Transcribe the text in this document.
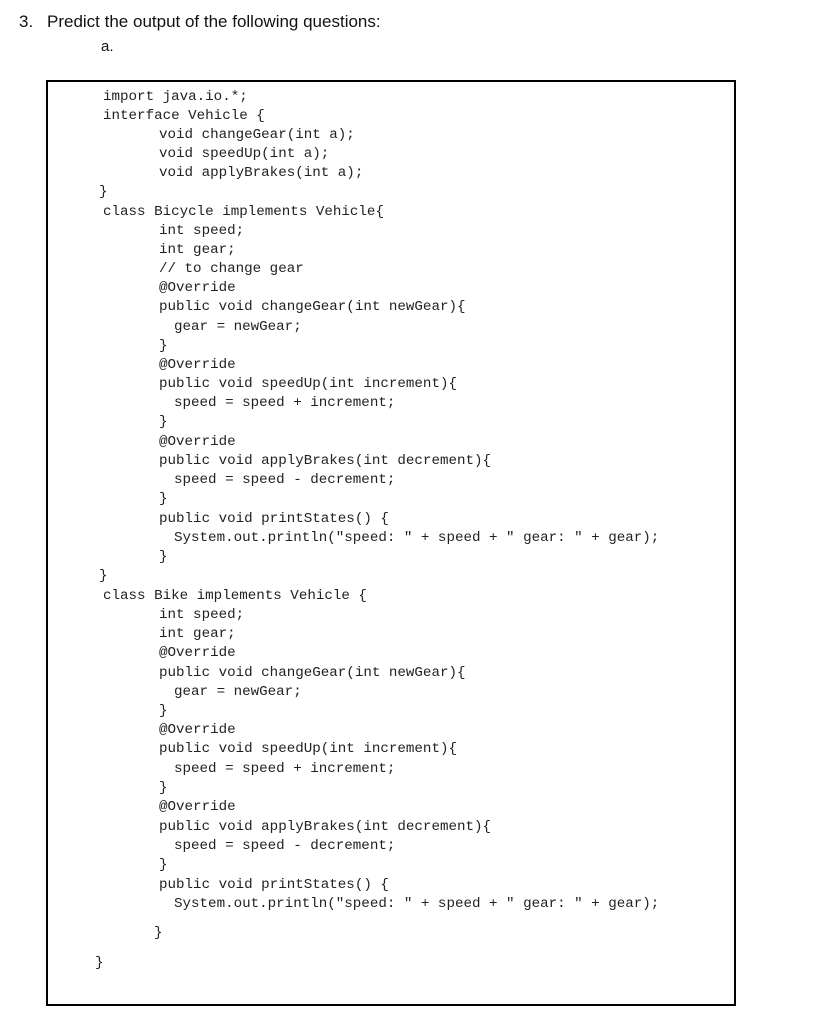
3. Predict the output of the following questions:
a.
import java.io.*;
interface Vehicle {
void changeGear(int a);
void speedUp(int a);
void applyBrakes(int a);
}
class Bicycle implements Vehicle{
int speed;
int gear;
// to change gear
@Override
public void changeGear(int newGear){
gear = newGear;
}
@Override
public void speedUp(int increment){
speed = speed + increment;
}
@Override
public void applyBrakes(int decrement){
speed = speed - decrement;
}
public void printStates() {
System.out.println("speed: " + speed + " gear: " + gear);
}
}
class Bike implements Vehicle {
int speed;
int gear;
@Override
public void changeGear(int newGear){
gear = newGear;
}
@Override
public void speedUp(int increment){
speed = speed + increment;
}
@Override
public void applyBrakes(int decrement){
speed = speed - decrement;
}
public void printStates() {
System.out.println("speed: " + speed + " gear: " + gear);
}
}
